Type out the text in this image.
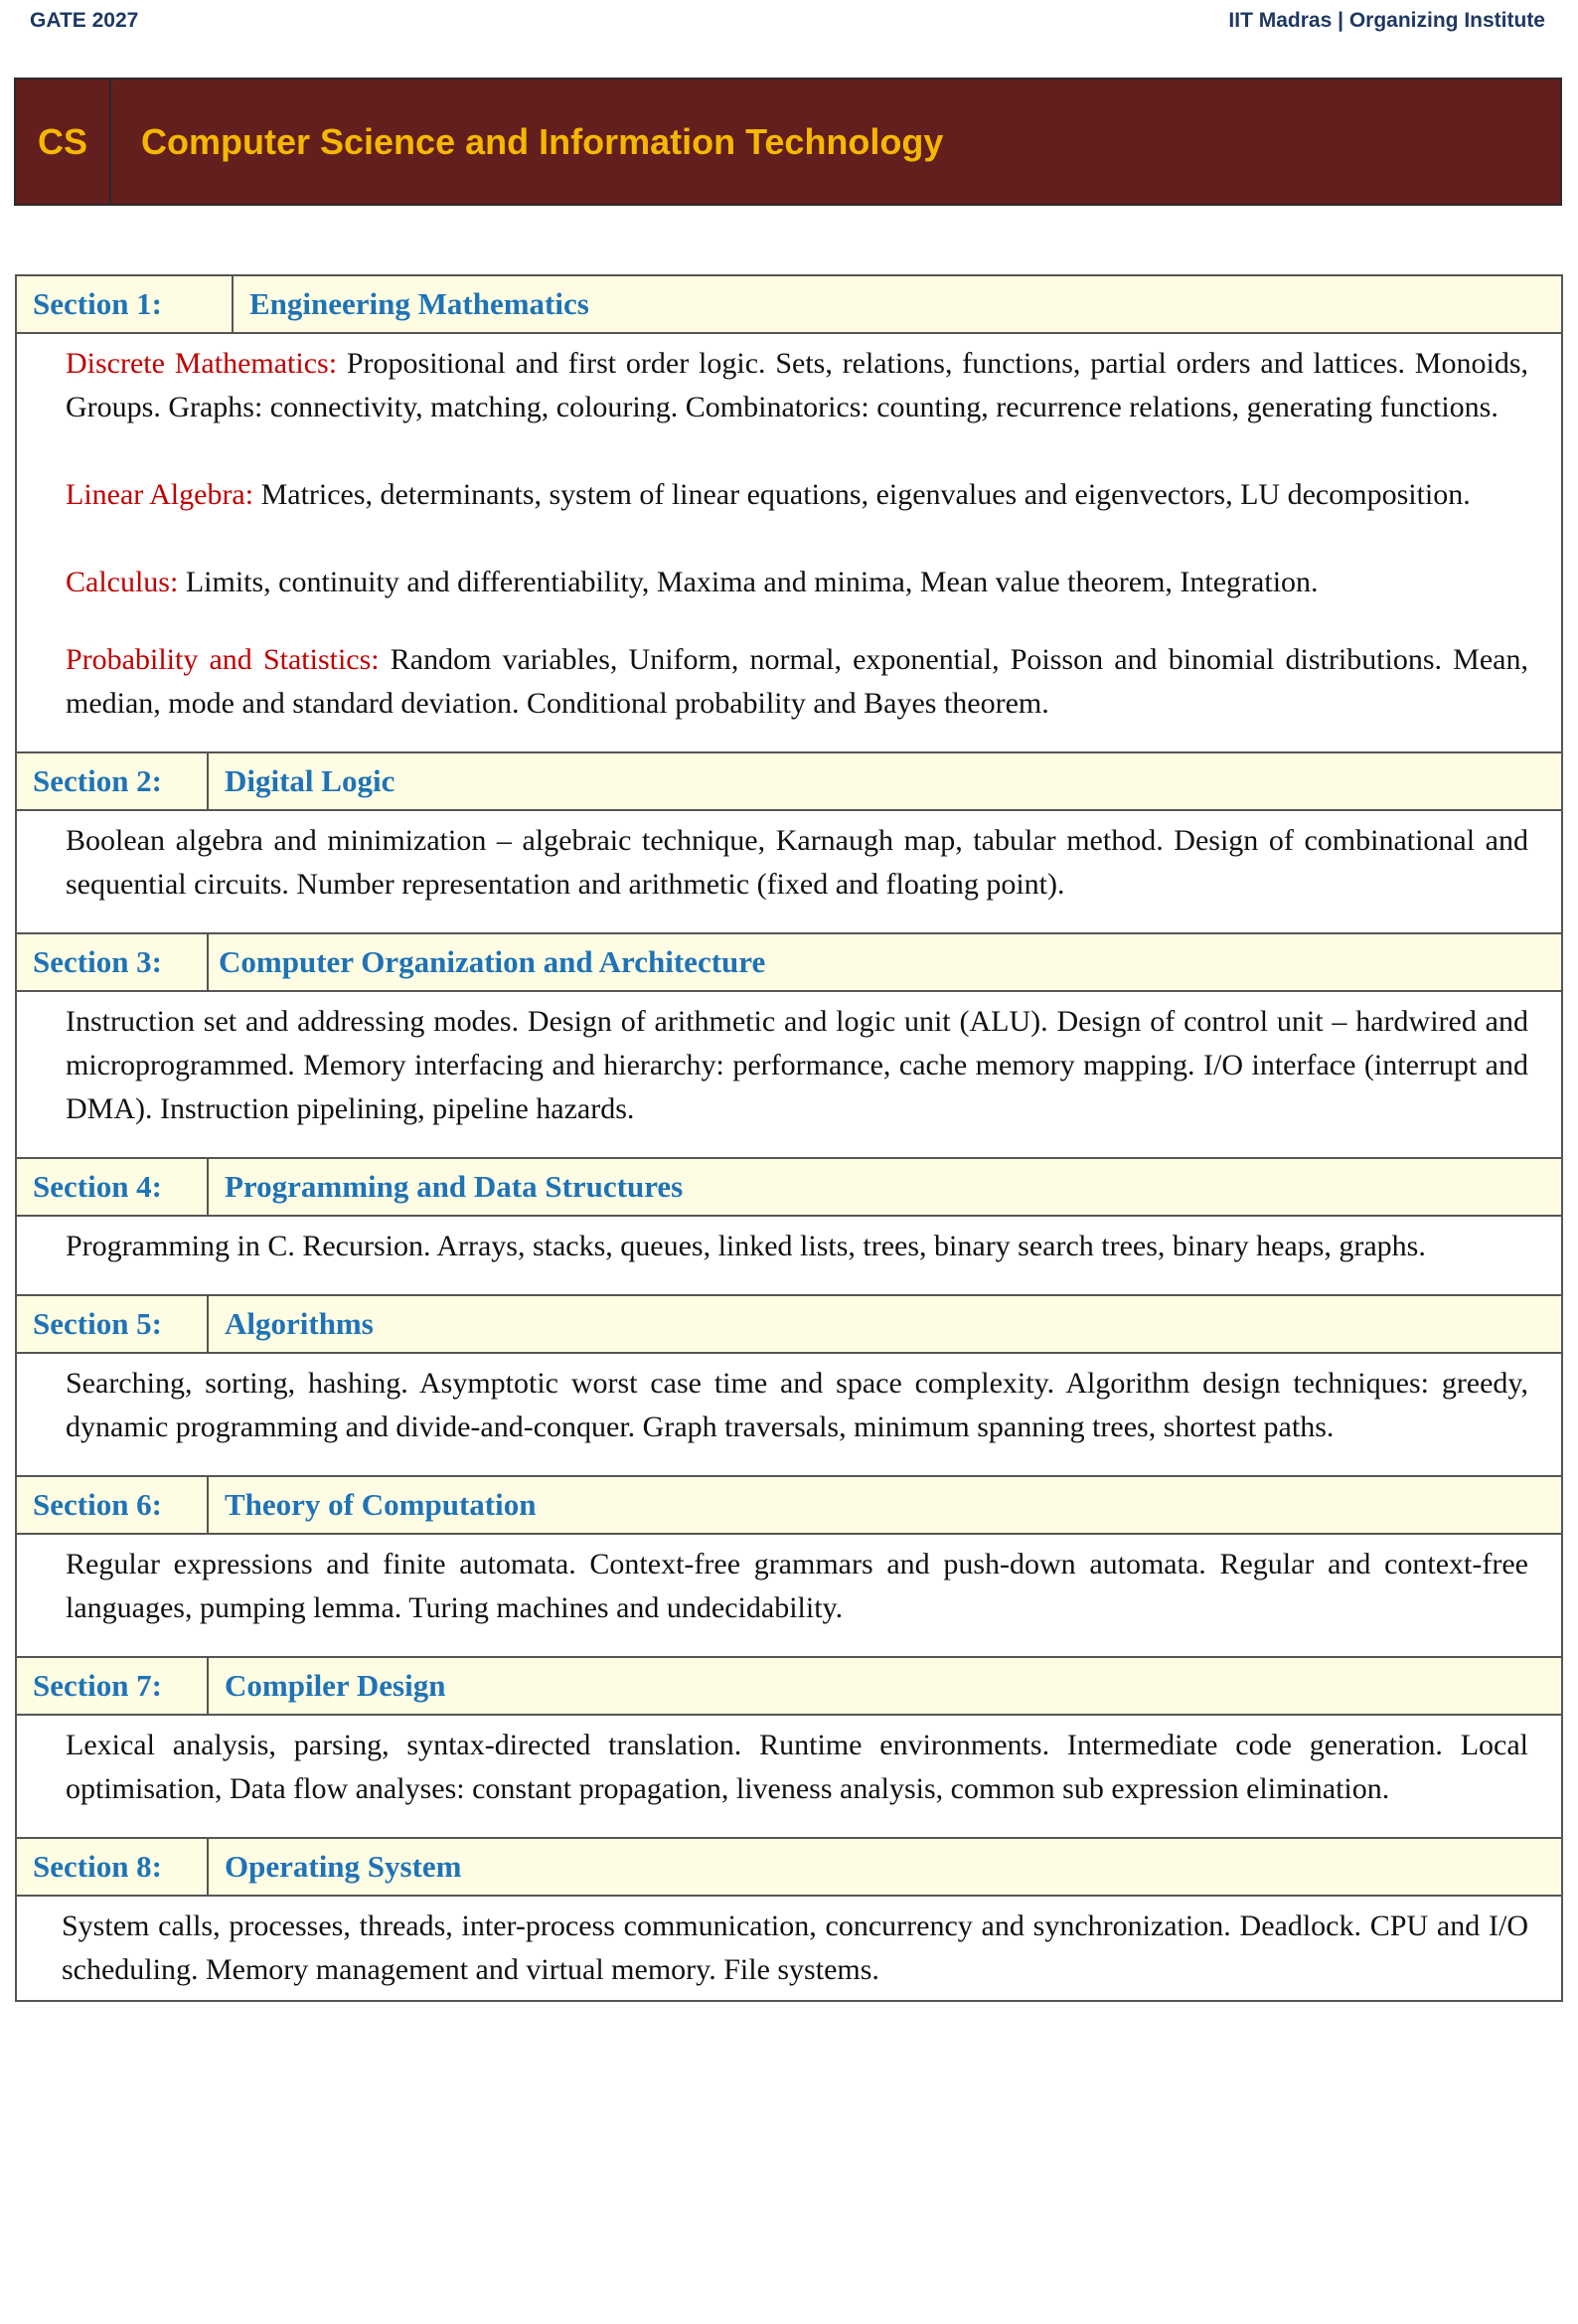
GATE 2027	IIT Madras | Organizing Institute
CS	Computer Science and Information Technology
Section 1:	Engineering Mathematics

Discrete Mathematics: Propositional and first order logic. Sets, relations, functions, partial orders and lattices. Monoids, Groups. Graphs: connectivity, matching, colouring. Combinatorics: counting, recurrence relations, generating functions.

Linear Algebra: Matrices, determinants, system of linear equations, eigenvalues and eigenvectors, LU decomposition.

Calculus: Limits, continuity and differentiability, Maxima and minima, Mean value theorem, Integration.

Probability and Statistics: Random variables, Uniform, normal, exponential, Poisson and binomial distributions. Mean, median, mode and standard deviation. Conditional probability and Bayes theorem.

Section 2:	Digital Logic

Boolean algebra and minimization – algebraic technique, Karnaugh map, tabular method. Design of combinational and sequential circuits. Number representation and arithmetic (fixed and floating point).

Section 3:	Computer Organization and Architecture

Instruction set and addressing modes. Design of arithmetic and logic unit (ALU). Design of control unit – hardwired and microprogrammed. Memory interfacing and hierarchy: performance, cache memory mapping. I/O interface (interrupt and DMA). Instruction pipelining, pipeline hazards.

Section 4:	Programming and Data Structures

Programming in C. Recursion. Arrays, stacks, queues, linked lists, trees, binary search trees, binary heaps, graphs.

Section 5:	Algorithms

Searching, sorting, hashing. Asymptotic worst case time and space complexity. Algorithm design techniques: greedy, dynamic programming and divide-and-conquer. Graph traversals, minimum spanning trees, shortest paths.

Section 6:	Theory of Computation

Regular expressions and finite automata. Context-free grammars and push-down automata. Regular and context-free languages, pumping lemma. Turing machines and undecidability.

Section 7:	Compiler Design

Lexical analysis, parsing, syntax-directed translation. Runtime environments. Intermediate code generation. Local optimisation, Data flow analyses: constant propagation, liveness analysis, common sub expression elimination.

Section 8:	Operating System

System calls, processes, threads, inter-process communication, concurrency and synchronization. Deadlock. CPU and I/O scheduling. Memory management and virtual memory. File systems.
